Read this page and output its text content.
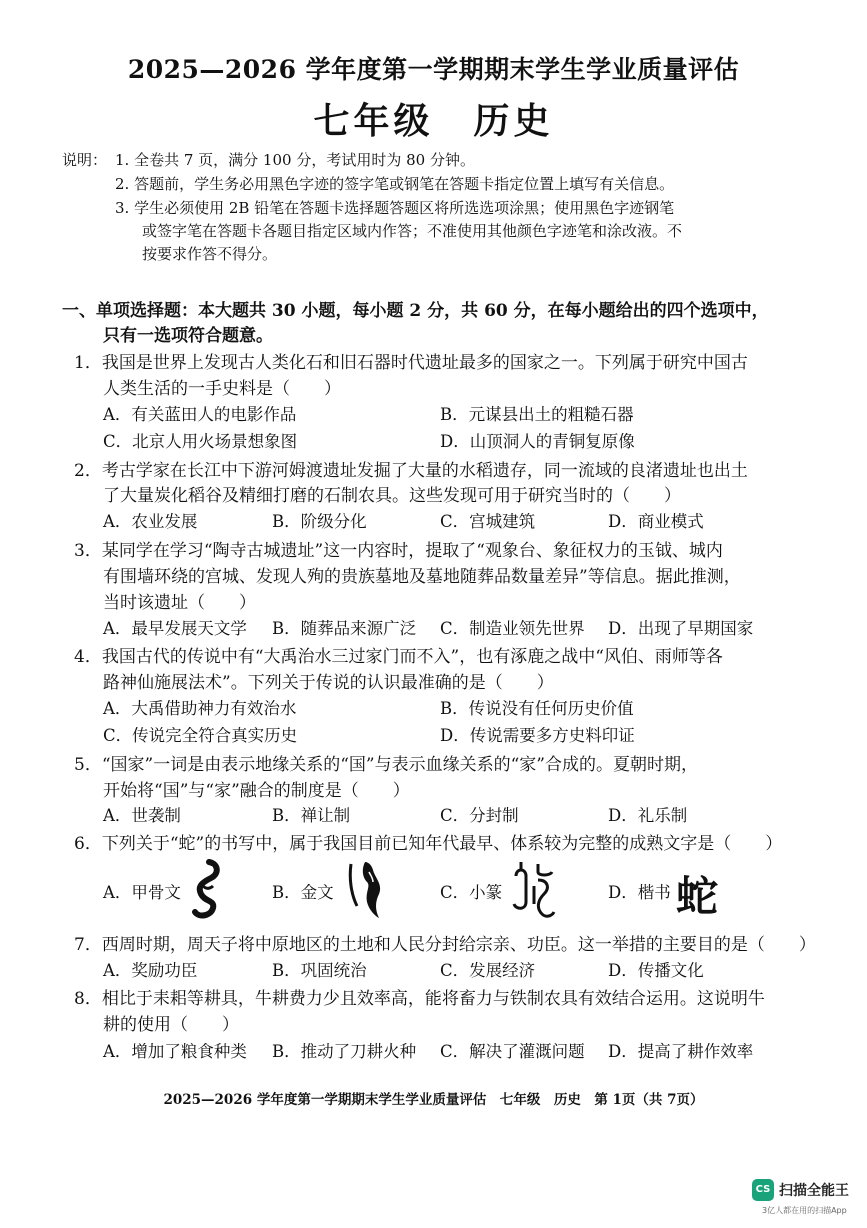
2025—2026 学年度第一学期期末学生学业质量评估
七年级 历史
说明： 1. 全卷共 7 页，满分 100 分，考试用时为 80 分钟。
2. 答题前，学生务必用黑色字迹的签字笔或钢笔在答题卡指定位置上填写有关信息。
3. 学生必须使用 2B 铅笔在答题卡选择题答题区将所选选项涂黑；使用黑色字迹钢笔
或签字笔在答题卡各题目指定区域内作答；不准使用其他颜色字迹笔和涂改液。不
按要求作答不得分。
一、单项选择题：本大题共 30 小题，每小题 2 分，共 60 分，在每小题给出的四个选项中，
只有一选项符合题意。
1．我国是世界上发现古人类化石和旧石器时代遗址最多的国家之一。下列属于研究中国古
人类生活的一手史料是（　　）
A．有关蓝田人的电影作品	B．元谋县出土的粗糙石器
C．北京人用火场景想象图	D．山顶洞人的青铜复原像
2．考古学家在长江中下游河姆渡遗址发掘了大量的水稻遗存，同一流域的良渚遗址也出土
了大量炭化稻谷及精细打磨的石制农具。这些发现可用于研究当时的（　　）
A．农业发展	B．阶级分化	C．宫城建筑	D．商业模式
3．某同学在学习“陶寺古城遗址”这一内容时，提取了“观象台、象征权力的玉钺、城内
有围墙环绕的宫城、发现人殉的贵族墓地及墓地随葬品数量差异”等信息。据此推测，
当时该遗址（　　）
A．最早发展天文学 B．随葬品来源广泛 C．制造业领先世界 D．出现了早期国家
4．我国古代的传说中有“大禹治水三过家门而不入”，也有涿鹿之战中“风伯、雨师等各
路神仙施展法术”。下列关于传说的认识最准确的是（　　）
A．大禹借助神力有效治水	B．传说没有任何历史价值
C．传说完全符合真实历史	D．传说需要多方史料印证
5．“国家”一词是由表示地缘关系的“国”与表示血缘关系的“家”合成的。夏朝时期，
开始将“国”与“家”融合的制度是（　　）
A．世袭制	B．禅让制	C．分封制	D．礼乐制
6．下列关于“蛇”的书写中，属于我国目前已知年代最早、体系较为完整的成熟文字是（　　）
A．甲骨文	B．金文	C．小篆	D．楷书 蛇
7．西周时期，周天子将中原地区的土地和人民分封给宗亲、功臣。这一举措的主要目的是（　　）
A．奖励功臣	B．巩固统治	C．发展经济	D．传播文化
8．相比于耒耜等耕具，牛耕费力少且效率高，能将畜力与铁制农具有效结合运用。这说明牛
耕的使用（　　）
A．增加了粮食种类 B．推动了刀耕火种 C．解决了灌溉问题 D．提高了耕作效率
2025—2026 学年度第一学期期末学生学业质量评估　七年级　历史　第 1页（共 7页）
CS 扫描全能王
3亿人都在用的扫描App
